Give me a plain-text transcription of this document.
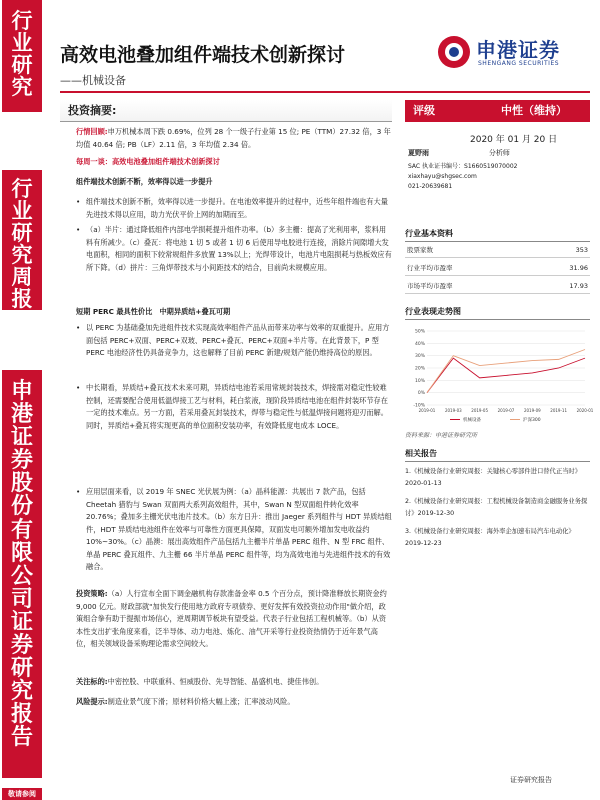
行
业
研
究
行
业
研
究
周
报
申
港
证
券
股
份
有
限
公
司
证
券
研
究
报
告
高效电池叠加组件端技术创新探讨
——机械设备
申港证券
SHENGANG SECURITIES
投资摘要:
行情回顾:申万机械本周下跌 0.69%，位列 28 个一级子行业第 15 位; PE（TTM）27.32 倍，3 年均值 40.64 倍; PB（LF）2.11 倍，3 年均值 2.34 倍。
每周一谈：高效电池叠加组件端技术创新探讨
组件端技术创新不断，效率得以进一步提升
• 组件端技术创新不断，效率得以进一步提升。在电池效率提升的过程中，近些年组件端也有大量先进技术得以应用，助力光伏平价上网的加期而至。
• （a）半片：通过降低组件内部电学损耗提升组件功率。（b）多主栅：提高了光利用率，浆料用料有所减少。（c）叠瓦：将电池 1 切 5 或者 1 切 6 后使用导电胶进行连接，消除片间隙增大发电面积，相同的面积下较常规组件多放置 13%以上；光焊带设计，电池片电阻损耗与热板效应有所下降。（d）拼片：三角焊带技术与小间距技术的结合，目前尚未规模应用。
短期 PERC 最具性价比　中期异质结+叠瓦可期
• 以 PERC 为基础叠加先进组件技术实现高效率组件产品从而带来功率与效率的双重提升。应用方面包括 PERC+双面、PERC+双玻、PERC+叠瓦、PERC+双面+半片等。在此背景下，P 型 PERC 电池经济性仍具备竞争力，这也解释了目前 PERC 新建/规划产能仍维持高位的原因。
• 中长期看，异质结+叠瓦技术未来可期，异质结电池若采用常规封装技术，焊接需对稳定性较难控制，还需要配合使用低温焊接工艺与材料，耗白浆液，现阶段异质结电池在组件封装环节存在一定的技术难点。另一方面，若采用叠瓦封装技术，焊带与稳定性与低温焊接问题将迎刃而解。同时，异质结+叠瓦将实现更高的单位面积安装功率，有效降低度电成本 LOCE。
• 应用层面来看，以 2019 年 SNEC 光伏展为例：（a）晶科能源：共展出 7 款产品，包括 Cheetah 猎豹与 Swan 双面两大系列高效组件，其中，Swan N 型双面组件转化效率 20.76%；叠加多主栅光伏电池片技术。（b）东方日升：推出 Jaeger 系列组件与 HDT 异质结组件，HDT 异质结电池组件在效率与可靠性方面更具保障，双面发电可额外增加发电收益约 10%~30%。（c）晶澳：展出高效组件产品包括九主栅半片单晶 PERC 组件、N 型 FRC 组件、单晶 PERC 叠瓦组件、九主栅 66 半片单晶 PERC 组件等，均为高效电池与先进组件技术的有效融合。
投资策略:（a）人行宣布全面下调金融机构存款准备金率 0.5 个百分点，预计降准释放长期资金约 9,000 亿元。财政部就"加快发行使用地方政府专项债券、更好发挥有效投资拉动作用"做介绍，政策组合拳有助于提振市场信心，逆周期调节板块有望受益。代表子行业包括工程机械等。（b）从资本性支出扩张角度来看，泛半导体、动力电池、炼化、油气开采等行业投资热情仍于近年景气高位，相关领域设备采购理论需求空间较大。
关注标的:中密控股、中联重科、恒威股份、先导智能、晶盛机电、捷佳伟创。
风险提示:制造业景气度下滑；原材料价格大幅上涨；汇率波动风险。
评级	中性（维持）
2020 年 01 月 20 日
夏野雨	分析师
SAC 执业证书编号：S1660519070002
xiaxhayu@shgsec.com
021-20639681
行业基本资料
股票家数	353
行业平均市盈率	31.96
市场平均市盈率	17.93
行业表现走势图
50%
40%
30%
20%
10%
0%
-10%
2019-01 2019-03 2019-05 2019-07 2019-09 2019-11 2020-01
机械设备	沪深300
资料来源：申港证券研究所
相关报告
1.《机械设备行业研究周报：关键核心零部件进口替代正当时》2020-01-13
2.《机械设备行业研究周报：工程机械设备制造商金融服务业务探讨》2019-12-30
3.《机械设备行业研究周报：海外率企加速布局汽车电动化》2019-12-23
证券研究报告
敬请参阅
